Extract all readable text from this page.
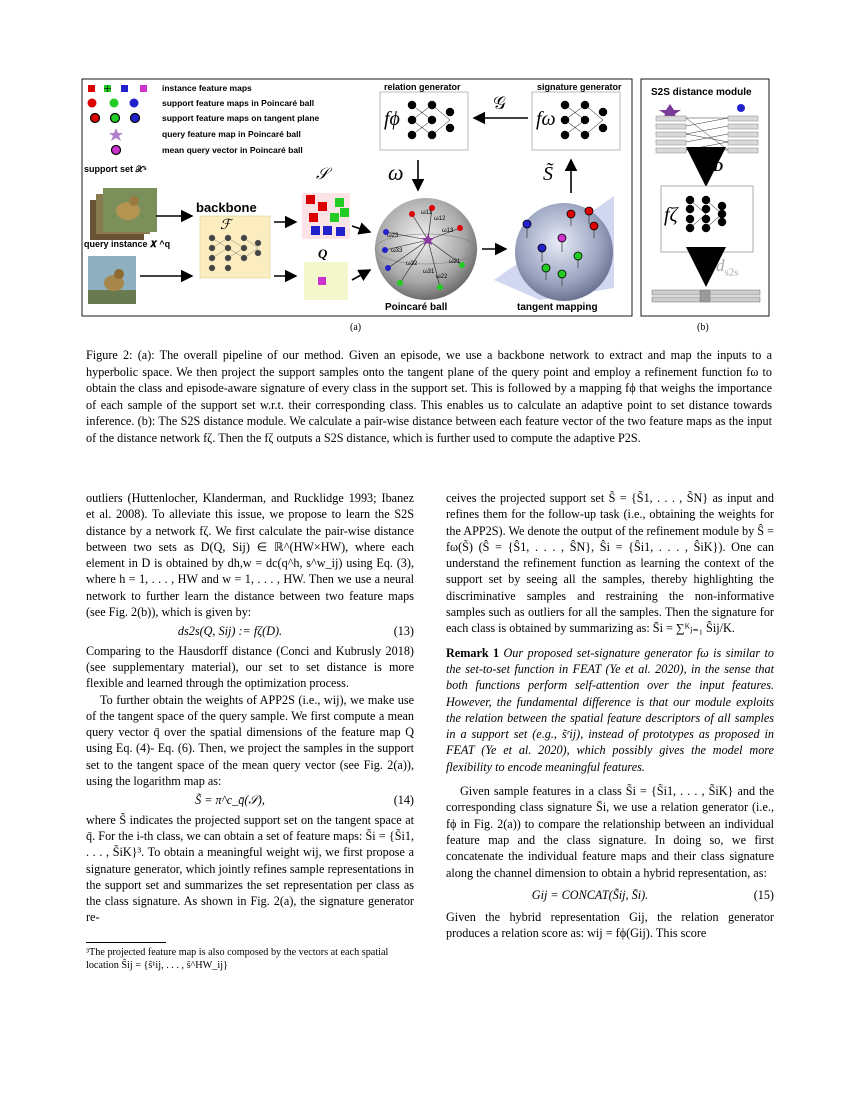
instance feature maps
support feature maps in Poincaré ball
support feature maps on tangent plane
query feature map in Poincaré ball
mean query vector in Poincaré ball
relation generator	signature generator
fϕ	fω
𝒢
ω	S̃
support set 𝒳ˢ
query instance 𝑿 ^q
backbone
ℱ
𝒮
Q
Poincaré ball	tangent mapping
ω11
ω12
ω13
ω23
ω33
ω32
ω31
ω22
ω21
S2S distance module
D
fζ
$d_{s2s}$
(a)	(b)
Figure 2: (a): The overall pipeline of our method. Given an episode, we use a backbone network to extract and map the inputs to a hyperbolic space. We then project the support samples onto the tangent plane of the query point and employ a refinement function fω to obtain the class and episode-aware signature of every class in the support set. This is followed by a mapping fϕ that weighs the importance of each sample of the support set w.r.t. their corresponding class. This enables us to calculate an adaptive point to set distance towards inference. (b): The S2S distance module. We calculate a pair-wise distance between each feature vector of the two feature maps as the input of the distance network fζ. Then the fζ outputs a S2S distance, which is further used to compute the adaptive P2S.

outliers (Huttenlocher, Klanderman, and Rucklidge 1993; Ibanez et al. 2008). To alleviate this issue, we propose to learn the S2S distance by a network fζ. We first calculate the pair-wise distance between two sets as D(Q, Sij) ∈ ℝ^(HW×HW), where each element in D is obtained by dh,w = dc(q^h, s^w_ij) using Eq. (3), where h = 1, . . . , HW and w = 1, . . . , HW. Then we use a neural network to further learn the distance between two feature maps (see Fig. 2(b)), which is given by:

ds2s(Q, Sij) := fζ(D).	(13)

Comparing to the Hausdorff distance (Conci and Kubrusly 2018) (see supplementary material), our set to set distance is more flexible and learned through the optimization process.

To further obtain the weights of APP2S (i.e., wij), we make use of the tangent space of the query sample. We first compute a mean query vector q̄ over the spatial dimensions of the feature map Q using Eq. (4)- Eq. (6). Then, we project the samples in the support set to the tangent space of the mean query vector (see Fig. 2(a)), using the logarithm map as:

S̃ = π^c_q̄(𝒮),	(14)

where S̃ indicates the projected support set on the tangent space at q̄. For the i-th class, we can obtain a set of feature maps: S̃i = {S̃i1, . . . , S̃iK}³. To obtain a meaningful weight wij, we first propose a signature generator, which jointly refines sample representations in the support set and summarizes the set representation per class as the class signature. As shown in Fig. 2(a), the signature generator re-

³The projected feature map is also composed by the vectors at each spatial location S̃ij = {s̃¹ij, . . . , s̃^HW_ij}

ceives the projected support set S̃ = {S̃1, . . . , S̃N} as input and refines them for the follow-up task (i.e., obtaining the weights for the APP2S). We denote the output of the refinement module by Ŝ = fω(S̃) (Ŝ = {Ŝ1, . . . , ŜN}, Ŝi = {Ŝi1, . . . , ŜiK}). One can understand the refinement function as learning the context of the support set by seeing all the samples, thereby highlighting the discriminative samples and restraining the non-informative samples such as outliers for all the samples. Then the signature for each class is obtained by summarizing as: S̄i = ∑ᴷⱼ₌₁ Ŝij/K.

Remark 1 Our proposed set-signature generator fω is similar to the set-to-set function in FEAT (Ye et al. 2020), in the sense that both functions perform self-attention over the input features. However, the fundamental difference is that our module exploits the relation between the spatial feature descriptors of all samples in a support set (e.g., s̃ʳij), instead of prototypes as proposed in FEAT (Ye et al. 2020), which possibly gives the model more flexibility to encode meaningful features.

Given sample features in a class S̃i = {S̃i1, . . . , S̃iK} and the corresponding class signature S̄i, we use a relation generator (i.e., fϕ in Fig. 2(a)) to compare the relationship between an individual feature map and the class signature. In doing so, we first concatenate the individual feature maps and their class signature along the channel dimension to obtain a hybrid representation, as:

Gij = CONCAT(S̃ij, S̄i).	(15)

Given the hybrid representation Gij, the relation generator produces a relation score as: wij = fϕ(Gij). This score
